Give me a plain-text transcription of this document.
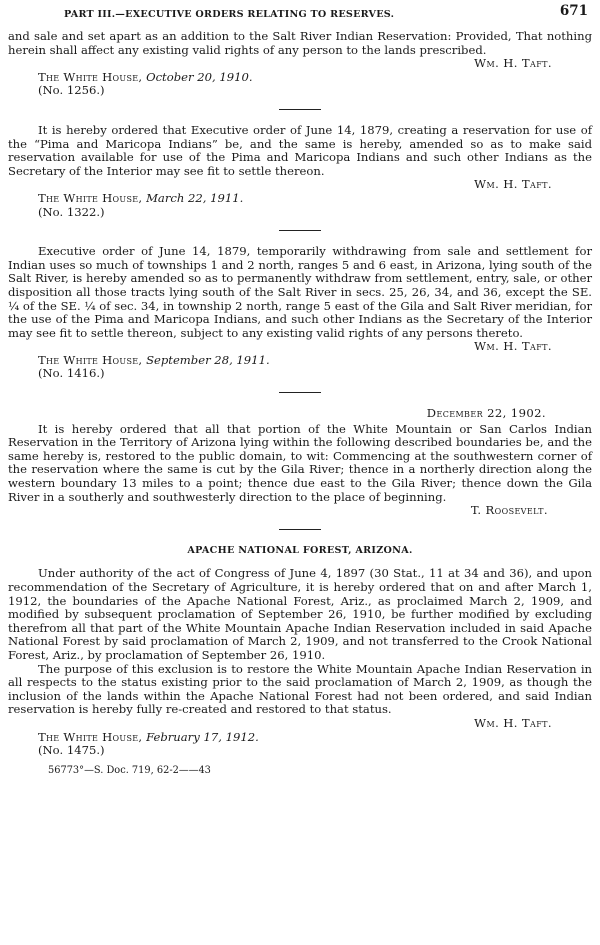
PART III.—EXECUTIVE ORDERS RELATING TO RESERVES.	671

and sale and set apart as an addition to the Salt River Indian Reservation: Provided, That nothing herein shall affect any existing valid rights of any person to the lands prescribed.

Wm. H. Taft.
The White House, October 20, 1910.
(No. 1256.)

It is hereby ordered that Executive order of June 14, 1879, creating a reservation for use of the “Pima and Maricopa Indians” be, and the same is hereby, amended so as to make said reservation available for use of the Pima and Maricopa Indians and such other Indians as the Secretary of the Interior may see fit to settle thereon.

Wm. H. Taft.
The White House, March 22, 1911.
(No. 1322.)

Executive order of June 14, 1879, temporarily withdrawing from sale and settlement for Indian uses so much of townships 1 and 2 north, ranges 5 and 6 east, in Arizona, lying south of the Salt River, is hereby amended so as to permanently withdraw from settlement, entry, sale, or other disposition all those tracts lying south of the Salt River in secs. 25, 26, 34, and 36, except the SE. ¼ of the SE. ¼ of sec. 34, in township 2 north, range 5 east of the Gila and Salt River meridian, for the use of the Pima and Maricopa Indians, and such other Indians as the Secretary of the Interior may see fit to settle thereon, subject to any existing valid rights of any persons thereto.

Wm. H. Taft.
The White House, September 28, 1911.
(No. 1416.)
December 22, 1902.

It is hereby ordered that all that portion of the White Mountain or San Carlos Indian Reservation in the Territory of Arizona lying within the following described boundaries be, and the same hereby is, restored to the public domain, to wit: Commencing at the southwestern corner of the reservation where the same is cut by the Gila River; thence in a northerly direction along the western boundary 13 miles to a point; thence due east to the Gila River; thence down the Gila River in a southerly and southwesterly direction to the place of beginning.

T. Roosevelt.
APACHE NATIONAL FOREST, ARIZONA.

Under authority of the act of Congress of June 4, 1897 (30 Stat., 11 at 34 and 36), and upon recommendation of the Secretary of Agriculture, it is hereby ordered that on and after March 1, 1912, the boundaries of the Apache National Forest, Ariz., as proclaimed March 2, 1909, and modified by subsequent proclamation of September 26, 1910, be further modified by excluding therefrom all that part of the White Mountain Apache Indian Reservation included in said Apache National Forest by said proclamation of March 2, 1909, and not transferred to the Crook National Forest, Ariz., by proclamation of September 26, 1910.

The purpose of this exclusion is to restore the White Mountain Apache Indian Reservation in all respects to the status existing prior to the said proclamation of March 2, 1909, as though the inclusion of the lands within the Apache National Forest had not been ordered, and said Indian reservation is hereby fully re-created and restored to that status.

Wm. H. Taft.
The White House, February 17, 1912.
(No. 1475.)
56773°—S. Doc. 719, 62-2——43
